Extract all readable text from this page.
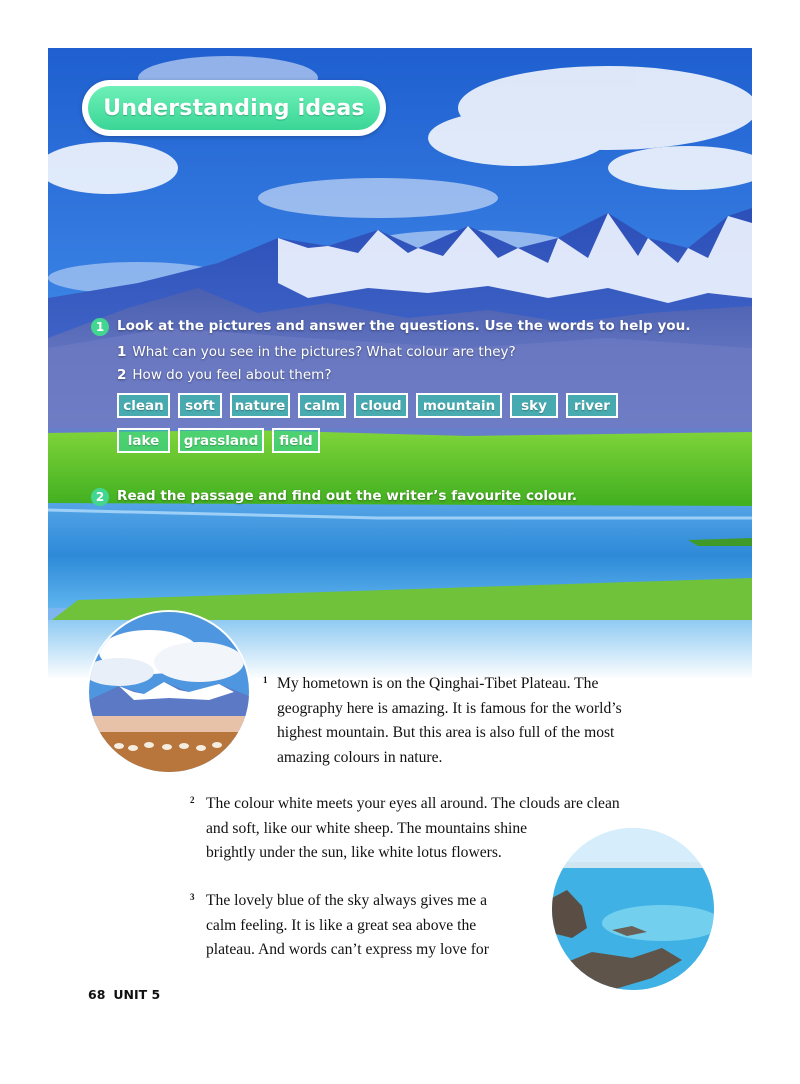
Understanding ideas
1 Look at the pictures and answer the questions. Use the words to help you.
1 What can you see in the pictures? What colour are they?
2 How do you feel about them?
clean	soft	nature	calm	cloud	mountain	sky	river
lake	grassland	field
2 Read the passage and find out the writer’s favourite colour.
1 My hometown is on the Qinghai-Tibet Plateau. The
geography here is amazing. It is famous for the world’s
highest mountain. But this area is also full of the most
amazing colours in nature.
2 The colour white meets your eyes all around. The clouds are clean
and soft, like our white sheep. The mountains shine
brightly under the sun, like white lotus flowers.
3 The lovely blue of the sky always gives me a
calm feeling. It is like a great sea above the
plateau. And words can’t express my love for
68 UNIT 5
